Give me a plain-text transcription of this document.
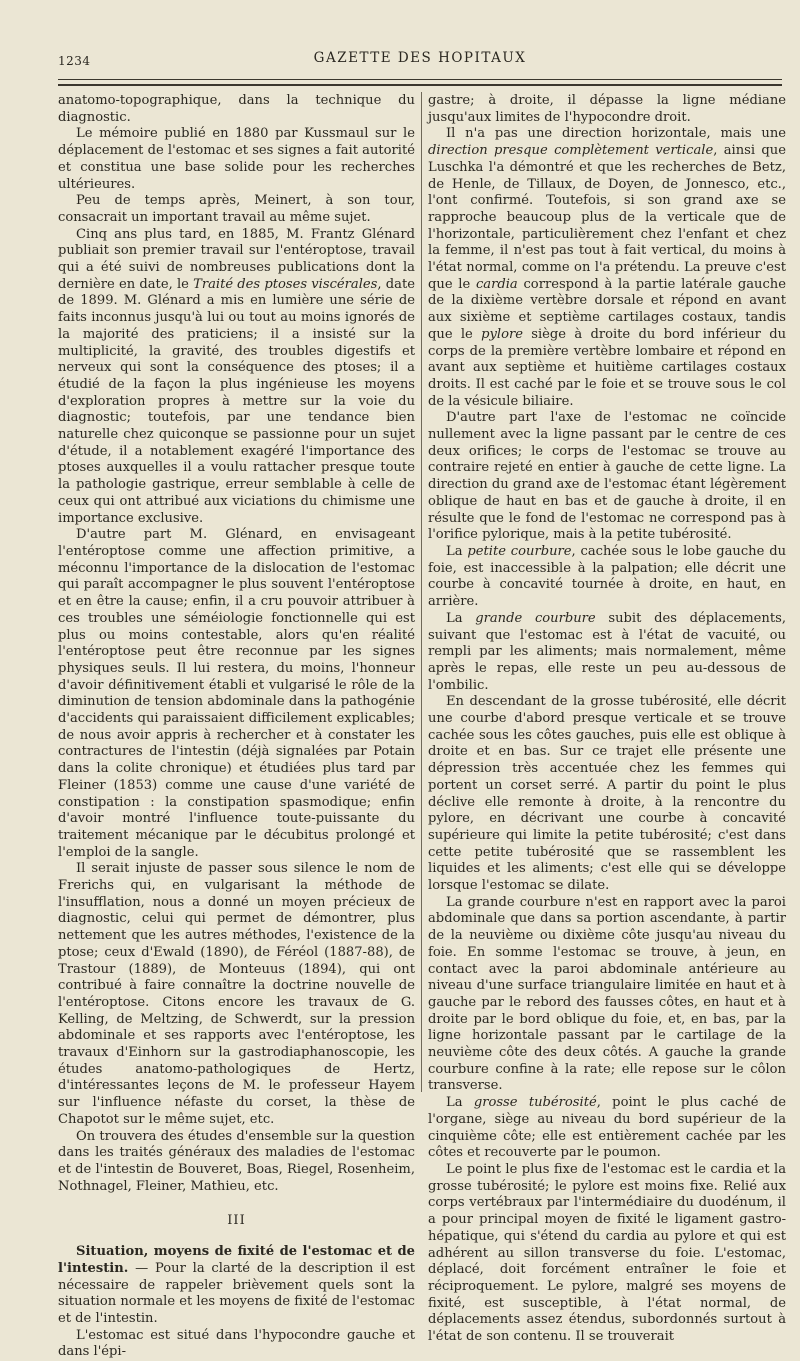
1234	GAZETTE DES HOPITAUX

anatomo-topographique, dans la technique du diagnostic.

Le mémoire publié en 1880 par Kussmaul sur le déplacement de l'estomac et ses signes a fait autorité et constitua une base solide pour les recherches ultérieures.

Peu de temps après, Meinert, à son tour, consacrait un important travail au même sujet.

Cinq ans plus tard, en 1885, M. Frantz Glénard publiait son premier travail sur l'entéroptose, travail qui a été suivi de nombreuses publications dont la dernière en date, le Traité des ptoses viscérales, date de 1899. M. Glénard a mis en lumière une série de faits inconnus jusqu'à lui ou tout au moins ignorés de la majorité des praticiens; il a insisté sur la multiplicité, la gravité, des troubles digestifs et nerveux qui sont la conséquence des ptoses; il a étudié de la façon la plus ingénieuse les moyens d'exploration propres à mettre sur la voie du diagnostic; toutefois, par une tendance bien naturelle chez quiconque se passionne pour un sujet d'étude, il a notablement exagéré l'importance des ptoses auxquelles il a voulu rattacher presque toute la pathologie gastrique, erreur semblable à celle de ceux qui ont attribué aux viciations du chimisme une importance exclusive.

D'autre part M. Glénard, en envisageant l'entéroptose comme une affection primitive, a méconnu l'importance de la dislocation de l'estomac qui paraît accompagner le plus souvent l'entéroptose et en être la cause; enfin, il a cru pouvoir attribuer à ces troubles une séméiologie fonctionnelle qui est plus ou moins contestable, alors qu'en réalité l'entéroptose peut être reconnue par les signes physiques seuls. Il lui restera, du moins, l'honneur d'avoir définitivement établi et vulgarisé le rôle de la diminution de tension abdominale dans la pathogénie d'accidents qui paraissaient difficilement explicables; de nous avoir appris à rechercher et à constater les contractures de l'intestin (déjà signalées par Potain dans la colite chronique) et étudiées plus tard par Fleiner (1853) comme une cause d'une variété de constipation : la constipation spasmodique; enfin d'avoir montré l'influence toute-puissante du traitement mécanique par le décubitus prolongé et l'emploi de la sangle.

Il serait injuste de passer sous silence le nom de Frerichs qui, en vulgarisant la méthode de l'insufflation, nous a donné un moyen précieux de diagnostic, celui qui permet de démontrer, plus nettement que les autres méthodes, l'existence de la ptose; ceux d'Ewald (1890), de Féréol (1887-88), de Trastour (1889), de Monteuus (1894), qui ont contribué à faire connaître la doctrine nouvelle de l'entéroptose. Citons encore les travaux de G. Kelling, de Meltzing, de Schwerdt, sur la pression abdominale et ses rapports avec l'entéroptose, les travaux d'Einhorn sur la gastrodiaphanoscopie, les études anatomo-pathologiques de Hertz, d'intéressantes leçons de M. le professeur Hayem sur l'influence néfaste du corset, la thèse de Chapotot sur le même sujet, etc.

On trouvera des études d'ensemble sur la question dans les traités généraux des maladies de l'estomac et de l'intestin de Bouveret, Boas, Riegel, Rosenheim, Nothnagel, Fleiner, Mathieu, etc.

III

Situation, moyens de fixité de l'estomac et de l'intestin. — Pour la clarté de la description il est nécessaire de rappeler brièvement quels sont la situation normale et les moyens de fixité de l'estomac et de l'intestin.

L'estomac est situé dans l'hypocondre gauche et dans l'épi-

gastre; à droite, il dépasse la ligne médiane jusqu'aux limites de l'hypocondre droit.

Il n'a pas une direction horizontale, mais une direction presque complètement verticale, ainsi que Luschka l'a démontré et que les recherches de Betz, de Henle, de Tillaux, de Doyen, de Jonnesco, etc., l'ont confirmé. Toutefois, si son grand axe se rapproche beaucoup plus de la verticale que de l'horizontale, particulièrement chez l'enfant et chez la femme, il n'est pas tout à fait vertical, du moins à l'état normal, comme on l'a prétendu. La preuve c'est que le cardia correspond à la partie latérale gauche de la dixième vertèbre dorsale et répond en avant aux sixième et septième cartilages costaux, tandis que le pylore siège à droite du bord inférieur du corps de la première vertèbre lombaire et répond en avant aux septième et huitième cartilages costaux droits. Il est caché par le foie et se trouve sous le col de la vésicule biliaire.

D'autre part l'axe de l'estomac ne coïncide nullement avec la ligne passant par le centre de ces deux orifices; le corps de l'estomac se trouve au contraire rejeté en entier à gauche de cette ligne. La direction du grand axe de l'estomac étant légèrement oblique de haut en bas et de gauche à droite, il en résulte que le fond de l'estomac ne correspond pas à l'orifice pylorique, mais à la petite tubérosité.

La petite courbure, cachée sous le lobe gauche du foie, est inaccessible à la palpation; elle décrit une courbe à concavité tournée à droite, en haut, en arrière.

La grande courbure subit des déplacements, suivant que l'estomac est à l'état de vacuité, ou rempli par les aliments; mais normalement, même après le repas, elle reste un peu au-dessous de l'ombilic.

En descendant de la grosse tubérosité, elle décrit une courbe d'abord presque verticale et se trouve cachée sous les côtes gauches, puis elle est oblique à droite et en bas. Sur ce trajet elle présente une dépression très accentuée chez les femmes qui portent un corset serré. A partir du point le plus déclive elle remonte à droite, à la rencontre du pylore, en décrivant une courbe à concavité supérieure qui limite la petite tubérosité; c'est dans cette petite tubérosité que se rassemblent les liquides et les aliments; c'est elle qui se développe lorsque l'estomac se dilate.

La grande courbure n'est en rapport avec la paroi abdominale que dans sa portion ascendante, à partir de la neuvième ou dixième côte jusqu'au niveau du foie. En somme l'estomac se trouve, à jeun, en contact avec la paroi abdominale antérieure au niveau d'une surface triangulaire limitée en haut et à gauche par le rebord des fausses côtes, en haut et à droite par le bord oblique du foie, et, en bas, par la ligne horizontale passant par le cartilage de la neuvième côte des deux côtés. A gauche la grande courbure confine à la rate; elle repose sur le côlon transverse.

La grosse tubérosité, point le plus caché de l'organe, siège au niveau du bord supérieur de la cinquième côte; elle est entièrement cachée par les côtes et recouverte par le poumon.

Le point le plus fixe de l'estomac est le cardia et la grosse tubérosité; le pylore est moins fixe. Relié aux corps vertébraux par l'intermédiaire du duodénum, il a pour principal moyen de fixité le ligament gastro-hépatique, qui s'étend du cardia au pylore et qui est adhérent au sillon transverse du foie. L'estomac, déplacé, doit forcément entraîner le foie et réciproquement. Le pylore, malgré ses moyens de fixité, est susceptible, à l'état normal, de déplacements assez étendus, subordonnés surtout à l'état de son contenu. Il se trouverait
